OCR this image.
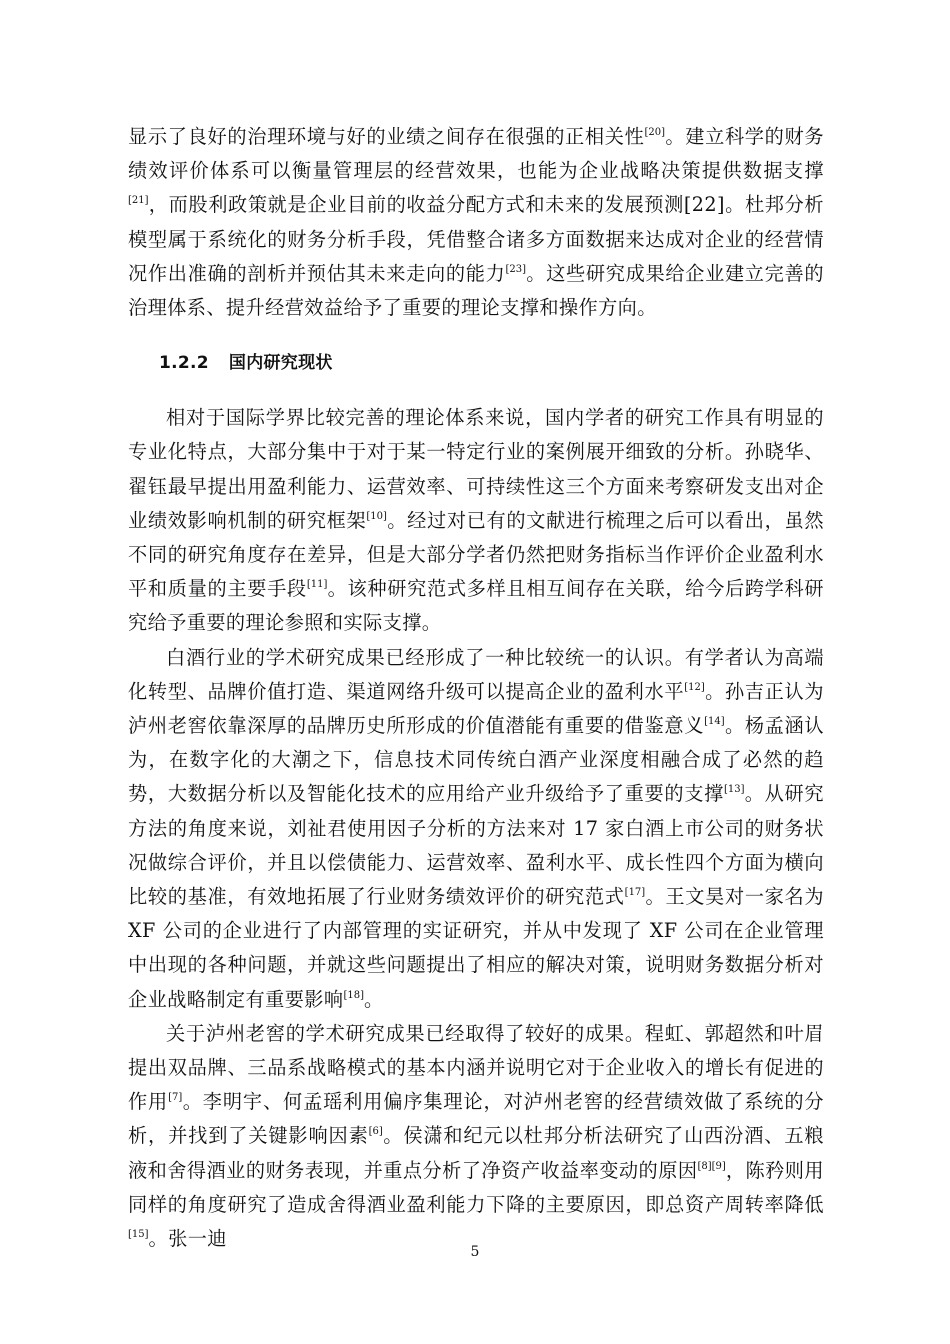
显示了良好的治理环境与好的业绩之间存在很强的正相关性[20]。建立科学的财务绩效评价体系可以衡量管理层的经营效果，也能为企业战略决策提供数据支撑[21]，而股利政策就是企业目前的收益分配方式和未来的发展预测[22]。杜邦分析模型属于系统化的财务分析手段，凭借整合诸多方面数据来达成对企业的经营情况作出准确的剖析并预估其未来走向的能力[23]。这些研究成果给企业建立完善的治理体系、提升经营效益给予了重要的理论支撑和操作方向。

1.2.2 国内研究现状

相对于国际学界比较完善的理论体系来说，国内学者的研究工作具有明显的专业化特点，大部分集中于对于某一特定行业的案例展开细致的分析。孙晓华、翟钰最早提出用盈利能力、运营效率、可持续性这三个方面来考察研发支出对企业绩效影响机制的研究框架[10]。经过对已有的文献进行梳理之后可以看出，虽然不同的研究角度存在差异，但是大部分学者仍然把财务指标当作评价企业盈利水平和质量的主要手段[11]。该种研究范式多样且相互间存在关联，给今后跨学科研究给予重要的理论参照和实际支撑。

白酒行业的学术研究成果已经形成了一种比较统一的认识。有学者认为高端化转型、品牌价值打造、渠道网络升级可以提高企业的盈利水平[12]。孙吉正认为泸州老窖依靠深厚的品牌历史所形成的价值潜能有重要的借鉴意义[14]。杨孟涵认为，在数字化的大潮之下，信息技术同传统白酒产业深度相融合成了必然的趋势，大数据分析以及智能化技术的应用给产业升级给予了重要的支撑[13]。从研究方法的角度来说，刘祉君使用因子分析的方法来对 17 家白酒上市公司的财务状况做综合评价，并且以偿债能力、运营效率、盈利水平、成长性四个方面为横向比较的基准，有效地拓展了行业财务绩效评价的研究范式[17]。王文昊对一家名为 XF 公司的企业进行了内部管理的实证研究，并从中发现了 XF 公司在企业管理中出现的各种问题，并就这些问题提出了相应的解决对策，说明财务数据分析对企业战略制定有重要影响[18]。

关于泸州老窖的学术研究成果已经取得了较好的成果。程虹、郭超然和叶眉提出双品牌、三品系战略模式的基本内涵并说明它对于企业收入的增长有促进的作用[7]。李明宇、何孟瑶利用偏序集理论，对泸州老窖的经营绩效做了系统的分析，并找到了关键影响因素[6]。侯潇和纪元以杜邦分析法研究了山西汾酒、五粮液和舍得酒业的财务表现，并重点分析了净资产收益率变动的原因[8][9]，陈矜则用同样的角度研究了造成舍得酒业盈利能力下降的主要原因，即总资产周转率降低[15]。张一迪

5
